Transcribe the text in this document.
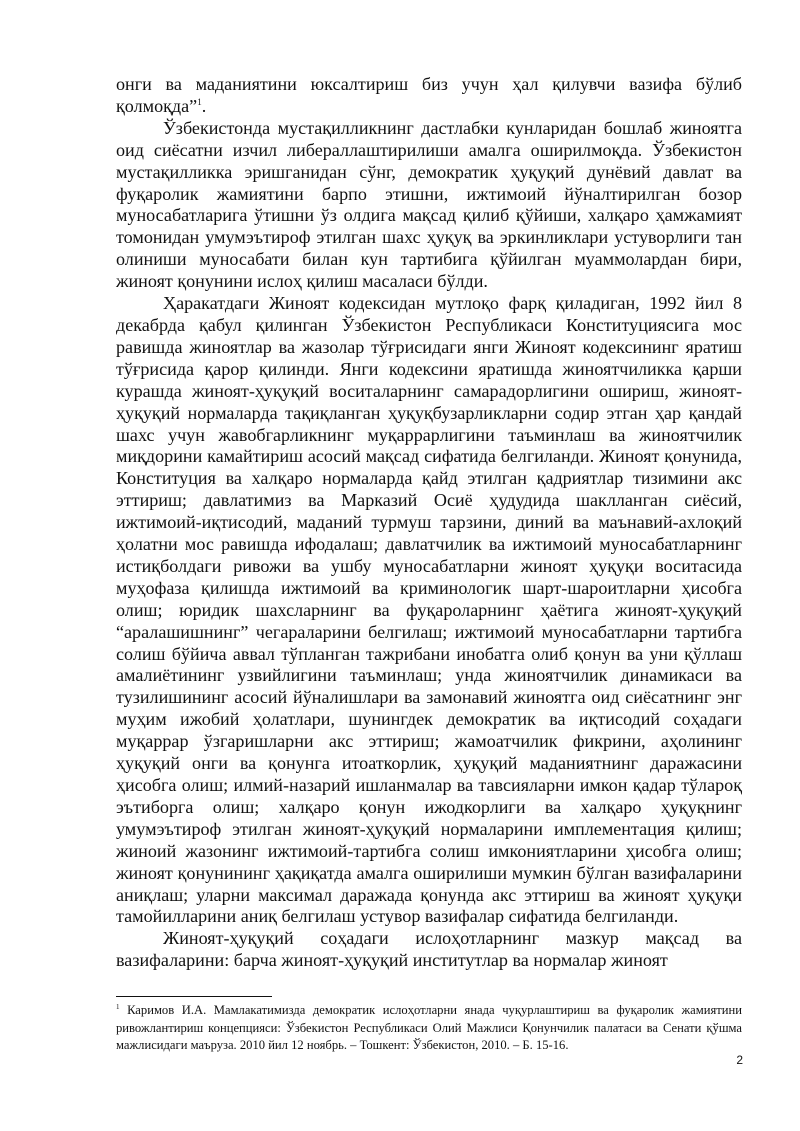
онги ва маданиятини юксалтириш биз учун ҳал қилувчи вазифа бўлиб қолмоқда”$^1$.

Ўзбекистонда мустақилликнинг дастлабки кунларидан бошлаб жиноятга оид сиёсатни изчил либераллаштирилиши амалга оширилмоқда. Ўзбекистон мустақилликка эришганидан сўнг, демократик ҳуқуқий дунёвий давлат ва фуқаролик жамиятини барпо этишни, ижтимоий йўналтирилган бозор муносабатларига ўтишни ўз олдига мақсад қилиб қўйиши, халқаро ҳамжамият томонидан умумэътироф этилган шахс ҳуқуқ ва эркинликлари устуворлиги тан олиниши муносабати билан кун тартибига қўйилган муаммолардан бири, жиноят қонунини ислоҳ қилиш масаласи бўлди.

Ҳаракатдаги Жиноят кодексидан мутлоқо фарқ қиладиган, 1992 йил 8 декабрда қабул қилинган Ўзбекистон Республикаси Конституциясига мос равишда жиноятлар ва жазолар тўғрисидаги янги Жиноят кодексининг яратиш тўғрисида қарор қилинди. Янги кодексини яратишда жиноятчиликка қарши курашда жиноят-ҳуқуқий воситаларнинг самарадорлигини ошириш, жиноят-ҳуқуқий нормаларда тақиқланган ҳуқуқбузарликларни содир этган ҳар қандай шахс учун жавобгарликнинг муқаррарлигини таъминлаш ва жиноятчилик миқдорини камайтириш асосий мақсад сифатида белгиланди. Жиноят қонунида, Конституция ва халқаро нормаларда қайд этилган қадриятлар тизимини акс эттириш; давлатимиз ва Марказий Осиё ҳудудида шаклланган сиёсий, ижтимоий-иқтисодий, маданий турмуш тарзини, диний ва маънавий-ахлоқий ҳолатни мос равишда ифодалаш; давлатчилик ва ижтимоий муносабатларнинг истиқболдаги ривожи ва ушбу муносабатларни жиноят ҳуқуқи воситасида муҳофаза қилишда ижтимоий ва криминологик шарт-шароитларни ҳисобга олиш; юридик шахсларнинг ва фуқароларнинг ҳаётига жиноят-ҳуқуқий “аралашишнинг” чегараларини белгилаш; ижтимоий муносабатларни тартибга солиш бўйича аввал тўпланган тажрибани инобатга олиб қонун ва уни қўллаш амалиётининг узвийлигини таъминлаш; унда жиноятчилик динамикаси ва тузилишининг асосий йўналишлари ва замонавий жиноятга оид сиёсатнинг энг муҳим ижобий ҳолатлари, шунингдек демократик ва иқтисодий соҳадаги муқаррар ўзгаришларни акс эттириш; жамоатчилик фикрини, аҳолининг ҳуқуқий онги ва қонунга итоаткорлик, ҳуқуқий маданиятнинг даражасини ҳисобга олиш; илмий-назарий ишланмалар ва тавсияларни имкон қадар тўлароқ эътиборга олиш; халқаро қонун ижодкорлиги ва халқаро ҳуқуқнинг умумэътироф этилган жиноят-ҳуқуқий нормаларини имплементация қилиш; жиноий жазонинг ижтимоий-тартибга солиш имкониятларини ҳисобга олиш; жиноят қонунининг ҳақиқатда амалга оширилиши мумкин бўлган вазифаларини аниқлаш; уларни максимал даражада қонунда акс эттириш ва жиноят ҳуқуқи тамойилларини аниқ белгилаш устувор вазифалар сифатида белгиланди.

Жиноят-ҳуқуқий соҳадаги ислоҳотларнинг мазкур мақсад ва вазифаларини: барча жиноят-ҳуқуқий институтлар ва нормалар жиноят

$^1$ Каримов И.А. Мамлакатимизда демократик ислоҳотларни янада чуқурлаштириш ва фуқаролик жамиятини ривожлантириш концепцияси: Ўзбекистон Республикаси Олий Мажлиси Қонунчилик палатаси ва Сенати қўшма мажлисидаги маъруза. 2010 йил 12 ноябрь. – Тошкент: Ўзбекистон, 2010. – Б. 15-16.

2
